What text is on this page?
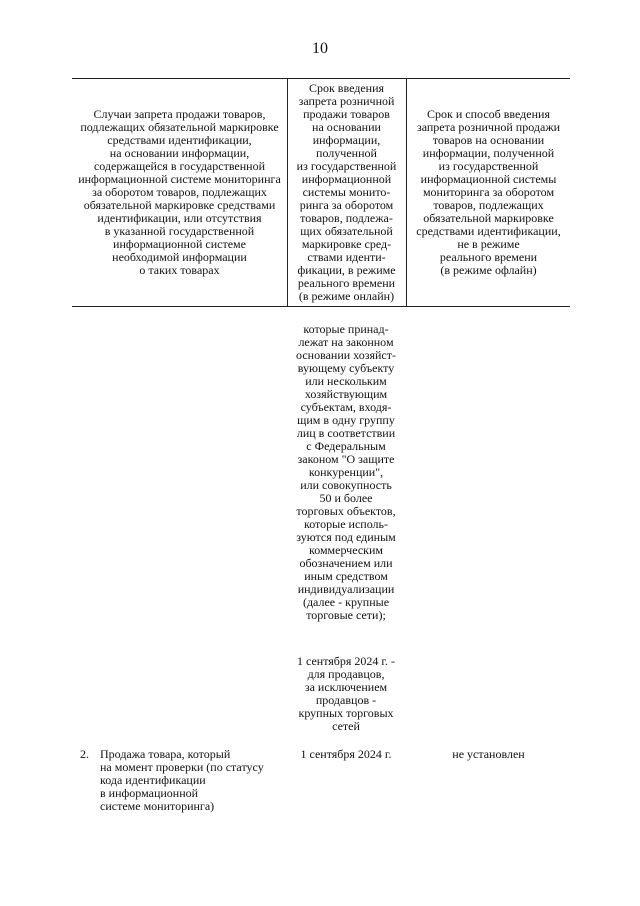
10
Случаи запрета продажи товаров,
подлежащих обязательной маркировке
средствами идентификации,
на основании информации,
содержащейся в государственной
информационной системе мониторинга
за оборотом товаров, подлежащих
обязательной маркировке средствами
идентификации, или отсутствия
в указанной государственной
информационной системе
необходимой информации
о таких товарах
Срок введения
запрета розничной
продажи товаров
на основании
информации,
полученной
из государственной
информационной
системы монито-
ринга за оборотом
товаров, подлежа-
щих обязательной
маркировке сред-
ствами иденти-
фикации, в режиме
реального времени
(в режиме онлайн)
Срок и способ введения
запрета розничной продажи
товаров на основании
информации, полученной
из государственной
информационной системы
мониторинга за оборотом
товаров, подлежащих
обязательной маркировке
средствами идентификации,
не в режиме
реального времени
(в режиме офлайн)
которые принад-
лежат на законном
основании хозяйст-
вующему субъекту
или нескольким
хозяйствующим
субъектам, входя-
щим в одну группу
лиц в соответствии
с Федеральным
законом "О защите
конкуренции",
или совокупность
50 и более
торговых объектов,
которые исполь-
зуются под единым
коммерческим
обозначением или
иным средством
индивидуализации
(далее - крупные
торговые сети);
1 сентября 2024 г. -
для продавцов,
за исключением
продавцов -
крупных торговых
сетей
2. Продажа товара, который
на момент проверки (по статусу
кода идентификации
в информационной
системе мониторинга)
1 сентября 2024 г.	не установлен
